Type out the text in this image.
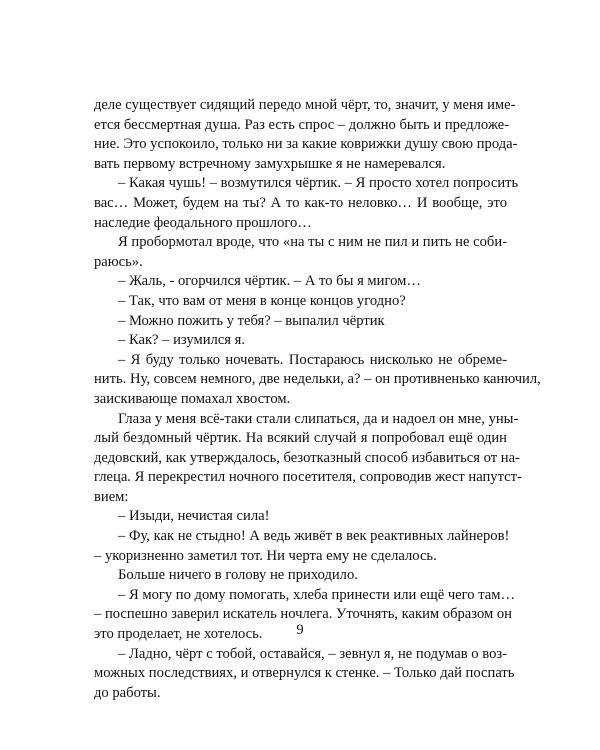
деле существует сидящий передо мной чёрт, то, значит, у меня име-
ется бессмертная душа. Раз есть спрос – должно быть и предложе-
ние. Это успокоило, только ни за какие коврижки душу свою прода-
вать первому встречному замухрышке я не намеревался.
– Какая чушь! – возмутился чёртик. – Я просто хотел попросить
вас… Может, будем на ты? А то как-то неловко… И вообще, это
наследие феодального прошлого…
Я пробормотал вроде, что «на ты с ним не пил и пить не соби-
раюсь».
– Жаль, - огорчился чёртик. – А то бы я мигом…
– Так, что вам от меня в конце концов угодно?
– Можно пожить у тебя? – выпалил чёртик
– Как? – изумился я.
– Я буду только ночевать. Постараюсь нисколько не обреме-
нить. Ну, совсем немного, две недельки, а? – он противненько канючил,
заискивающе помахал хвостом.
Глаза у меня всё-таки стали слипаться, да и надоел он мне, уны-
лый бездомный чёртик. На всякий случай я попробовал ещё один
дедовский, как утверждалось, безотказный способ избавиться от на-
глеца. Я перекрестил ночного посетителя, сопроводив жест напутст-
вием:
– Изыди, нечистая сила!
– Фу, как не стыдно! А ведь живёт в век реактивных лайнеров!
– укоризненно заметил тот. Ни черта ему не сделалось.
Больше ничего в голову не приходило.
– Я могу по дому помогать, хлеба принести или ещё чего там…
– поспешно заверил искатель ночлега. Уточнять, каким образом он
это проделает, не хотелось.
– Ладно, чёрт с тобой, оставайся, – зевнул я, не подумав о воз-
можных последствиях, и отвернулся к стенке. – Только дай поспать
до работы.
9
